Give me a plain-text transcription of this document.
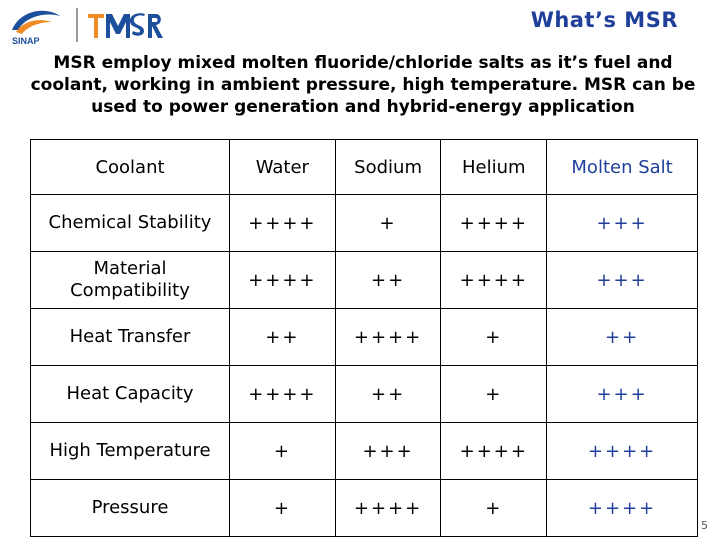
SINAP
What’s MSR
MSR employ mixed molten fluoride/chloride salts as it’s fuel and coolant, working in ambient pressure, high temperature. MSR can be used to power generation and hybrid-energy application
Coolant	Water	Sodium	Helium	Molten Salt
Chemical Stability	++++	+	++++	+++
Material Compatibility	++++	++	++++	+++
Heat Transfer	++	++++	+	++
Heat Capacity	++++	++	+	+++
High Temperature	+	+++	++++	++++
Pressure	+	++++	+	++++
5
